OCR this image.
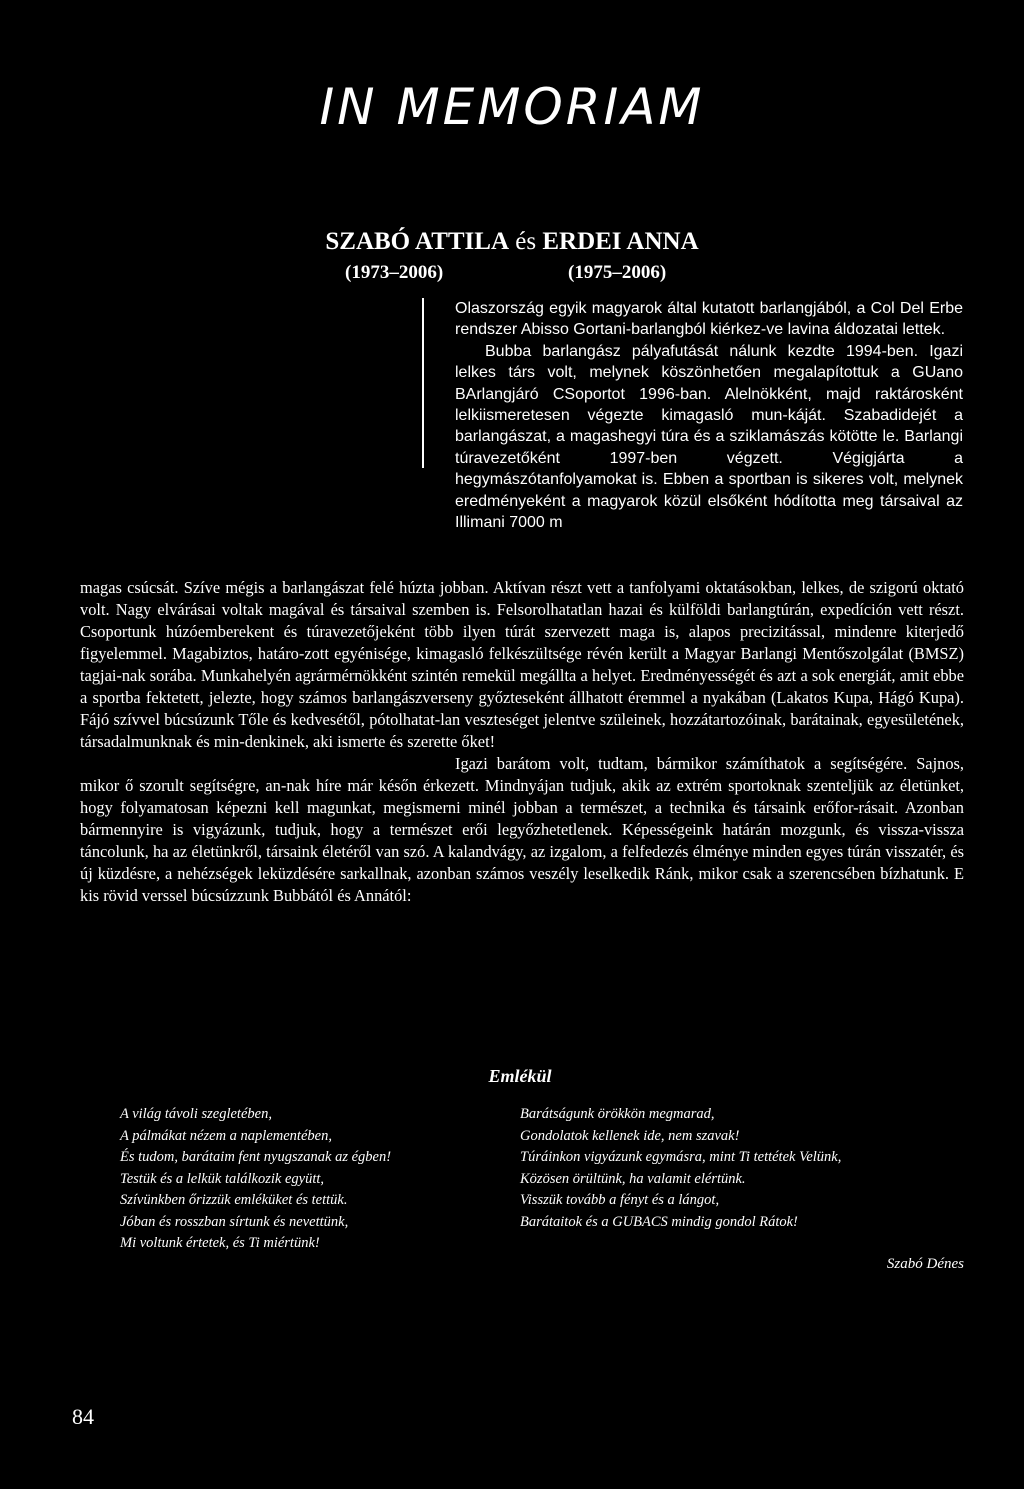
IN MEMORIAM
SZABÓ ATTILA és ERDEI ANNA
(1973–2006)	(1975–2006)

Olaszország egyik magyarok által kutatott barlangjából, a Col Del Erbe rendszer Abisso Gortani-barlangból kiérkez-ve lavina áldozatai lettek.

Bubba barlangász pályafutását nálunk kezdte 1994-ben. Igazi lelkes társ volt, melynek köszönhetően megalapítottuk a GUano BArlangjáró CSoportot 1996-ban. Alelnökként, majd raktárosként lelkiismeretesen végezte kimagasló mun-káját. Szabadidejét a barlangászat, a magashegyi túra és a sziklamászás kötötte le. Barlangi túravezetőként 1997-ben végzett. Végigjárta a hegymászótanfolyamokat is. Ebben a sportban is sikeres volt, melynek eredményeként a magyarok közül elsőként hódította meg társaival az Illimani 7000 m

magas csúcsát. Szíve mégis a barlangászat felé húzta jobban. Aktívan részt vett a tanfolyami oktatásokban, lelkes, de szigorú oktató volt. Nagy elvárásai voltak magával és társaival szemben is. Felsorolhatatlan hazai és külföldi barlangtúrán, expedíción vett részt. Csoportunk húzóemberekent és túravezetőjeként több ilyen túrát szervezett maga is, alapos precizitással, mindenre kiterjedő figyelemmel. Magabiztos, határo-zott egyénisége, kimagasló felkészültsége révén került a Magyar Barlangi Mentőszolgálat (BMSZ) tagjai-nak sorába. Munkahelyén agrármérnökként szintén remekül megállta a helyet. Eredményességét és azt a sok energiát, amit ebbe a sportba fektetett, jelezte, hogy számos barlangászverseny győzteseként állhatott éremmel a nyakában (Lakatos Kupa, Hágó Kupa). Fájó szívvel búcsúzunk Tőle és kedvesétől, pótolhatat-lan veszteséget jelentve szüleinek, hozzátartozóinak, barátainak, egyesületének, társadalmunknak és min-denkinek, aki ismerte és szerette őket!

Igazi barátom volt, tudtam, bármikor számíthatok a segítségére. Sajnos, mikor ő szorult segítségre, an-nak híre már későn érkezett. Mindnyájan tudjuk, akik az extrém sportoknak szenteljük az életünket, hogy folyamatosan képezni kell magunkat, megismerni minél jobban a természet, a technika és társaink erőfor-rásait. Azonban bármennyire is vigyázunk, tudjuk, hogy a természet erői legyőzhetetlenek. Képességeink határán mozgunk, és vissza-vissza táncolunk, ha az életünkről, társaink életéről van szó. A kalandvágy, az izgalom, a felfedezés élménye minden egyes túrán visszatér, és új küzdésre, a nehézségek leküzdésére sarkallnak, azonban számos veszély leselkedik Ránk, mikor csak a szerencsében bízhatunk. E kis rövid verssel búcsúzzunk Bubbától és Annától:

Emlékül
A világ távoli szegletében,
A pálmákat nézem a naplementében,
És tudom, barátaim fent nyugszanak az égben!
Testük és a lelkük találkozik együtt,
Szívünkben őrizzük emléküket és tettük.
Jóban és rosszban sírtunk és nevettünk,
Mi voltunk értetek, és Ti miértünk!
Barátságunk örökkön megmarad,
Gondolatok kellenek ide, nem szavak!
Túráinkon vigyázunk egymásra, mint Ti tettétek Velünk,
Közösen örültünk, ha valamit elértünk.
Visszük tovább a fényt és a lángot,
Barátaitok és a GUBACS mindig gondol Rátok!
Szabó Dénes
84
